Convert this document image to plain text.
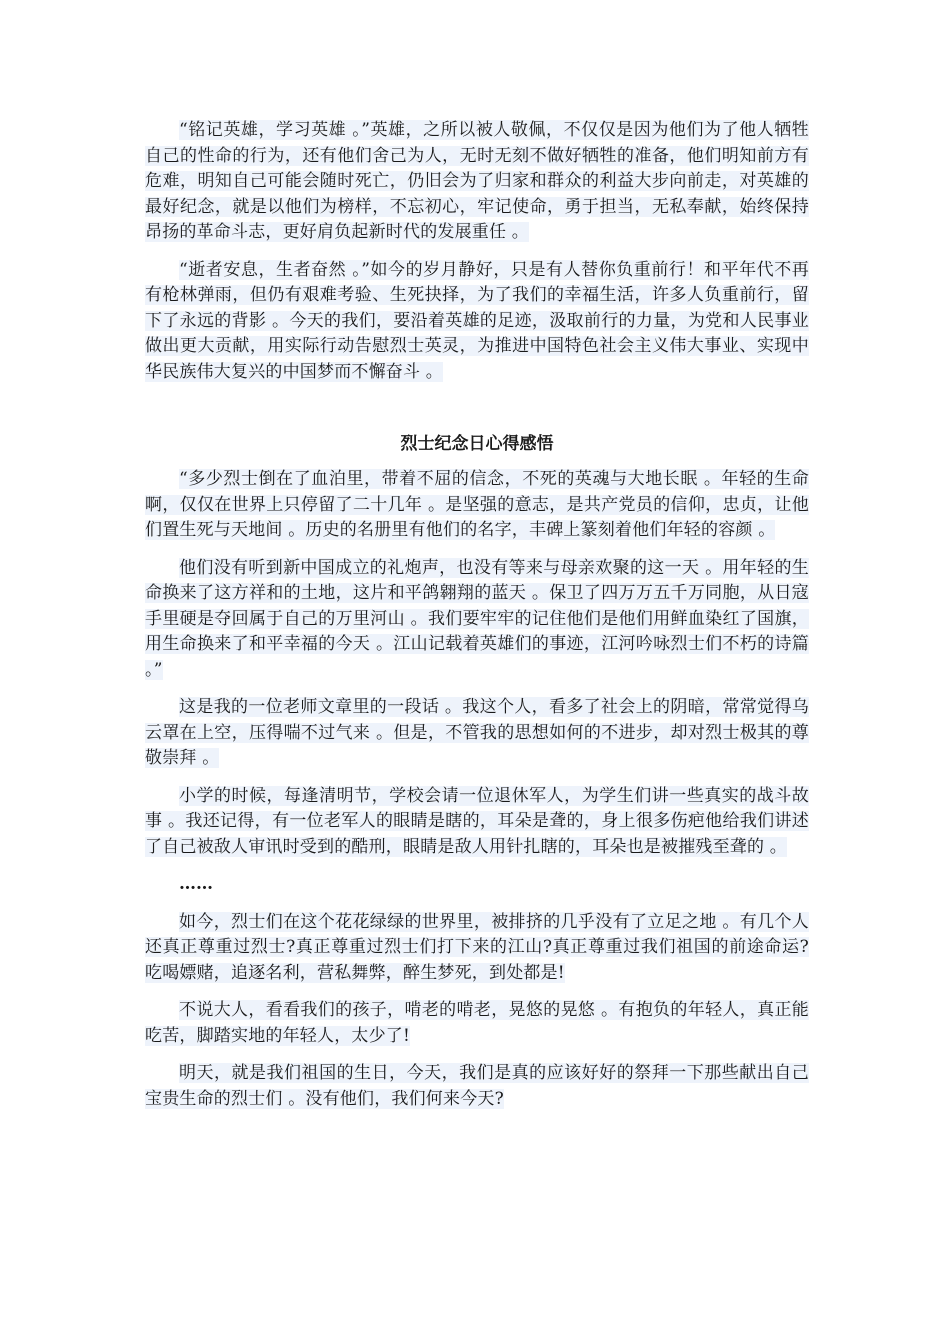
“铭记英雄，学习英雄 。”英雄，之所以被人敬佩，不仅仅是因为他们为了他人牺牲自己的性命的行为，还有他们舍己为人，无时无刻不做好牺牲的准备，他们明知前方有危难，明知自己可能会随时死亡，仍旧会为了归家和群众的利益大步向前走，对英雄的最好纪念，就是以他们为榜样，不忘初心，牢记使命，勇于担当，无私奉献，始终保持昂扬的革命斗志，更好肩负起新时代的发展重任 。

“逝者安息，生者奋然 。”如今的岁月静好，只是有人替你负重前行！和平年代不再有枪林弹雨，但仍有艰难考验、生死抉择，为了我们的幸福生活，许多人负重前行，留下了永远的背影 。今天的我们，要沿着英雄的足迹，汲取前行的力量，为党和人民事业做出更大贡献，用实际行动告慰烈士英灵，为推进中国特色社会主义伟大事业、实现中华民族伟大复兴的中国梦而不懈奋斗 。

烈士纪念日心得感悟

“多少烈士倒在了血泊里，带着不屈的信念，不死的英魂与大地长眠 。年轻的生命啊，仅仅在世界上只停留了二十几年 。是坚强的意志，是共产党员的信仰，忠贞，让他们置生死与天地间 。历史的名册里有他们的名字，丰碑上篆刻着他们年轻的容颜 。

他们没有听到新中国成立的礼炮声，也没有等来与母亲欢聚的这一天 。用年轻的生命换来了这方祥和的土地，这片和平鸽翱翔的蓝天 。保卫了四万万五千万同胞，从日寇手里硬是夺回属于自己的万里河山 。我们要牢牢的记住他们是他们用鲜血染红了国旗，用生命换来了和平幸福的今天 。江山记载着英雄们的事迹，江河吟咏烈士们不朽的诗篇 。”

这是我的一位老师文章里的一段话 。我这个人，看多了社会上的阴暗，常常觉得乌云罩在上空，压得喘不过气来 。但是，不管我的思想如何的不进步，却对烈士极其的尊敬崇拜 。

小学的时候，每逢清明节，学校会请一位退休军人，为学生们讲一些真实的战斗故事 。我还记得，有一位老军人的眼睛是瞎的，耳朵是聋的，身上很多伤疤他给我们讲述了自己被敌人审讯时受到的酷刑，眼睛是敌人用针扎瞎的，耳朵也是被摧残至聋的 。

……

如今，烈士们在这个花花绿绿的世界里，被排挤的几乎没有了立足之地 。有几个人还真正尊重过烈士?真正尊重过烈士们打下来的江山?真正尊重过我们祖国的前途命运?吃喝嫖赌，追逐名利，营私舞弊，醉生梦死，到处都是!

不说大人，看看我们的孩子，啃老的啃老，晃悠的晃悠 。有抱负的年轻人，真正能吃苦，脚踏实地的年轻人，太少了!

明天，就是我们祖国的生日，今天，我们是真的应该好好的祭拜一下那些献出自己宝贵生命的烈士们 。没有他们，我们何来今天?
